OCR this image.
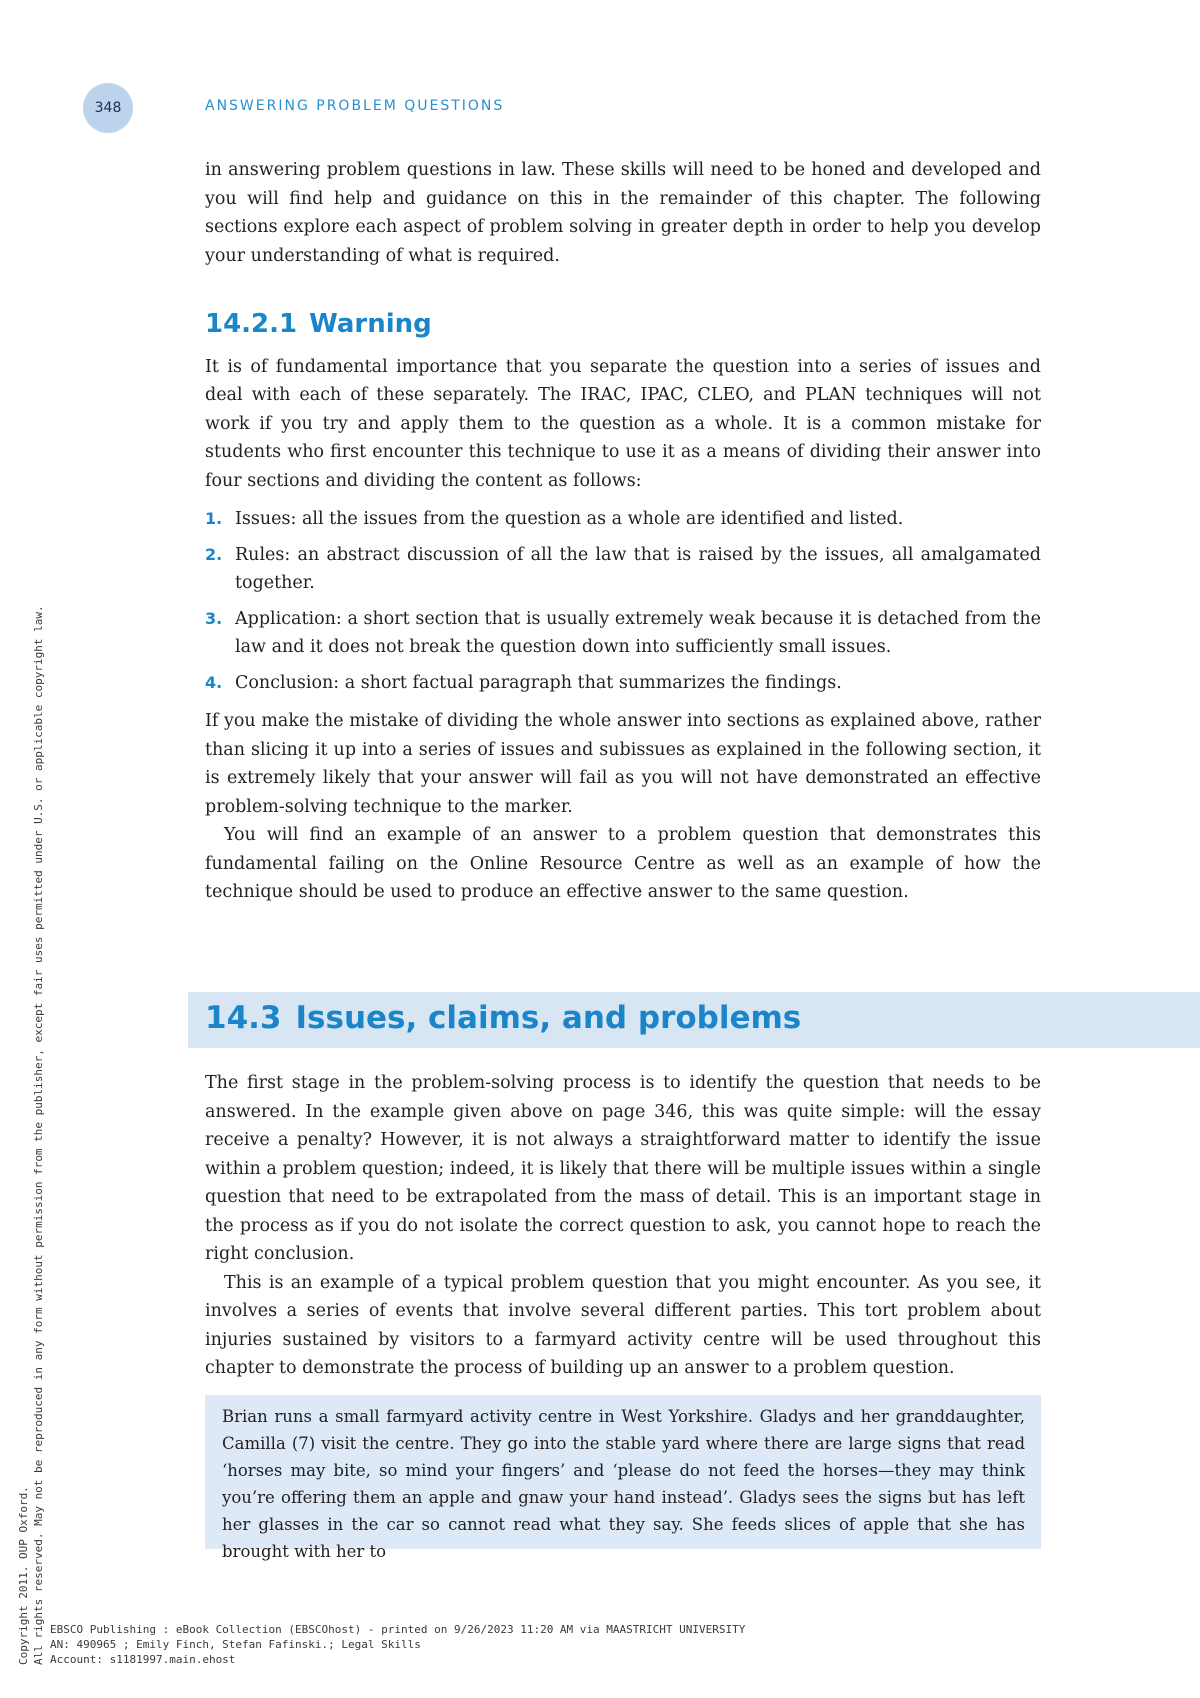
348	ANSWERING PROBLEM QUESTIONS

in answering problem questions in law. These skills will need to be honed and developed and you will find help and guidance on this in the remainder of this chapter. The following sections explore each aspect of problem solving in greater depth in order to help you develop your understanding of what is required.

14.2.1 Warning

It is of fundamental importance that you separate the question into a series of issues and deal with each of these separately. The IRAC, IPAC, CLEO, and PLAN techniques will not work if you try and apply them to the question as a whole. It is a common mistake for students who first encounter this technique to use it as a means of dividing their answer into four sections and dividing the content as follows:

1. Issues: all the issues from the question as a whole are identified and listed.
2. Rules: an abstract discussion of all the law that is raised by the issues, all amalgamated together.
3. Application: a short section that is usually extremely weak because it is detached from the law and it does not break the question down into sufficiently small issues.
4. Conclusion: a short factual paragraph that summarizes the findings.

If you make the mistake of dividing the whole answer into sections as explained above, rather than slicing it up into a series of issues and subissues as explained in the following section, it is extremely likely that your answer will fail as you will not have demonstrated an effective problem-solving technique to the marker.

You will find an example of an answer to a problem question that demonstrates this fundamental failing on the Online Resource Centre as well as an example of how the technique should be used to produce an effective answer to the same question.

14.3 Issues, claims, and problems

The first stage in the problem-solving process is to identify the question that needs to be answered. In the example given above on page 346, this was quite simple: will the essay receive a penalty? However, it is not always a straightforward matter to identify the issue within a problem question; indeed, it is likely that there will be multiple issues within a single question that need to be extrapolated from the mass of detail. This is an important stage in the process as if you do not isolate the correct question to ask, you cannot hope to reach the right conclusion.

This is an example of a typical problem question that you might encounter. As you see, it involves a series of events that involve several different parties. This tort problem about injuries sustained by visitors to a farmyard activity centre will be used throughout this chapter to demonstrate the process of building up an answer to a problem question.

Brian runs a small farmyard activity centre in West Yorkshire. Gladys and her granddaughter, Camilla (7) visit the centre. They go into the stable yard where there are large signs that read ‘horses may bite, so mind your fingers’ and ‘please do not feed the horses—they may think you’re offering them an apple and gnaw your hand instead’. Gladys sees the signs but has left her glasses in the car so cannot read what they say. She feeds slices of apple that she has brought with her to
Copyright 2011. OUP Oxford. All rights reserved. May not be reproduced in any form without permission from the publisher, except fair uses permitted under U.S. or applicable copyright law. EBSCO Publishing : eBook Collection (EBSCOhost) - printed on 9/26/2023 11:20 AM via MAASTRICHT UNIVERSITY
AN: 490965 ; Emily Finch, Stefan Fafinski.; Legal Skills
Account: s1181997.main.ehost
